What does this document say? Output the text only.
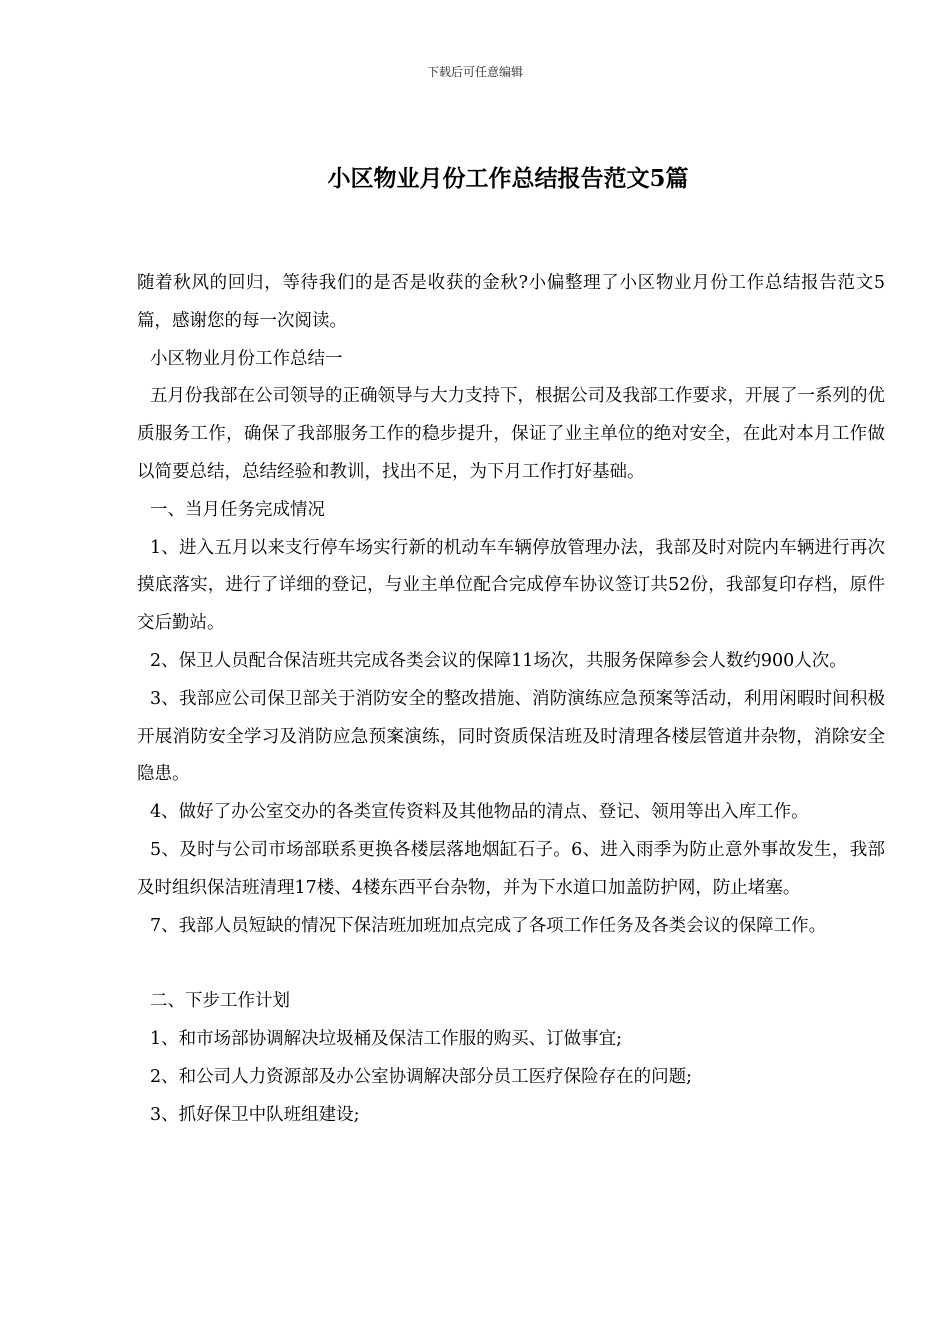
下载后可任意编辑
小区物业月份工作总结报告范文5篇

随着秋风的回归，等待我们的是否是收获的金秋?小偏整理了小区物业月份工作总结报告范文5篇，感谢您的每一次阅读。

小区物业月份工作总结一

五月份我部在公司领导的正确领导与大力支持下，根据公司及我部工作要求，开展了一系列的优质服务工作，确保了我部服务工作的稳步提升，保证了业主单位的绝对安全，在此对本月工作做以简要总结，总结经验和教训，找出不足，为下月工作打好基础。

一、当月任务完成情况

1、进入五月以来支行停车场实行新的机动车车辆停放管理办法，我部及时对院内车辆进行再次摸底落实，进行了详细的登记，与业主单位配合完成停车协议签订共52份，我部复印存档，原件交后勤站。

2、保卫人员配合保洁班共完成各类会议的保障11场次，共服务保障参会人数约900人次。

3、我部应公司保卫部关于消防安全的整改措施、消防演练应急预案等活动，利用闲暇时间积极开展消防安全学习及消防应急预案演练，同时资质保洁班及时清理各楼层管道井杂物，消除安全隐患。

4、做好了办公室交办的各类宣传资料及其他物品的清点、登记、领用等出入库工作。

5、及时与公司市场部联系更换各楼层落地烟缸石子。6、进入雨季为防止意外事故发生，我部及时组织保洁班清理17楼、4楼东西平台杂物，并为下水道口加盖防护网，防止堵塞。

7、我部人员短缺的情况下保洁班加班加点完成了各项工作任务及各类会议的保障工作。

二、下步工作计划

1、和市场部协调解决垃圾桶及保洁工作服的购买、订做事宜;

2、和公司人力资源部及办公室协调解决部分员工医疗保险存在的问题;

3、抓好保卫中队班组建设;
